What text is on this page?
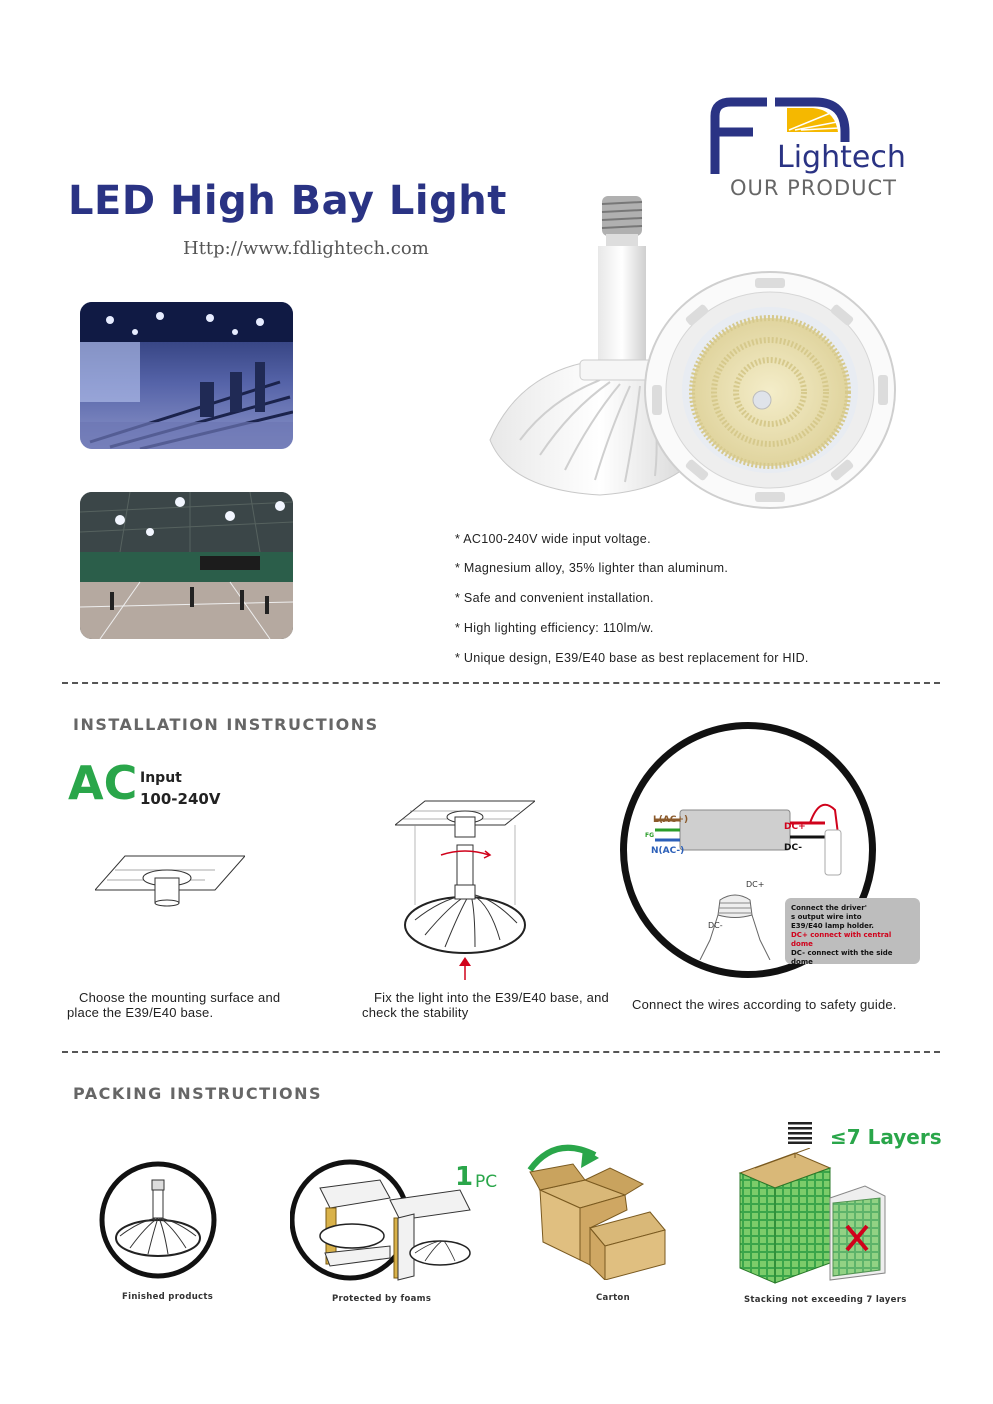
Lightech
OUR PRODUCT
LED High Bay Light
Http://www.fdlightech.com
* AC100-240V wide input voltage.
* Magnesium alloy, 35% lighter than aluminum.
* Safe and convenient installation.
* High lighting efficiency: 110lm/w.
* Unique design, E39/E40 base as best replacement for HID.
INSTALLATION INSTRUCTIONS
AC Input
100-240V
L(AC+)
FG
N(AC-)
DC+
DC-
DC+
DC-
Connect the driver'
s output wire into
E39/E40 lamp holder.
DC+ connect with central dome
DC- connect with the side dome
Choose the mounting surface and place the E39/E40 base.
Fix the light into the E39/E40 base, and check the stability
Connect the wires according to safety guide.
PACKING INSTRUCTIONS
1 PC
≤7 Layers
Finished products	Protected by foams	Carton	Stacking not exceeding 7 layers
